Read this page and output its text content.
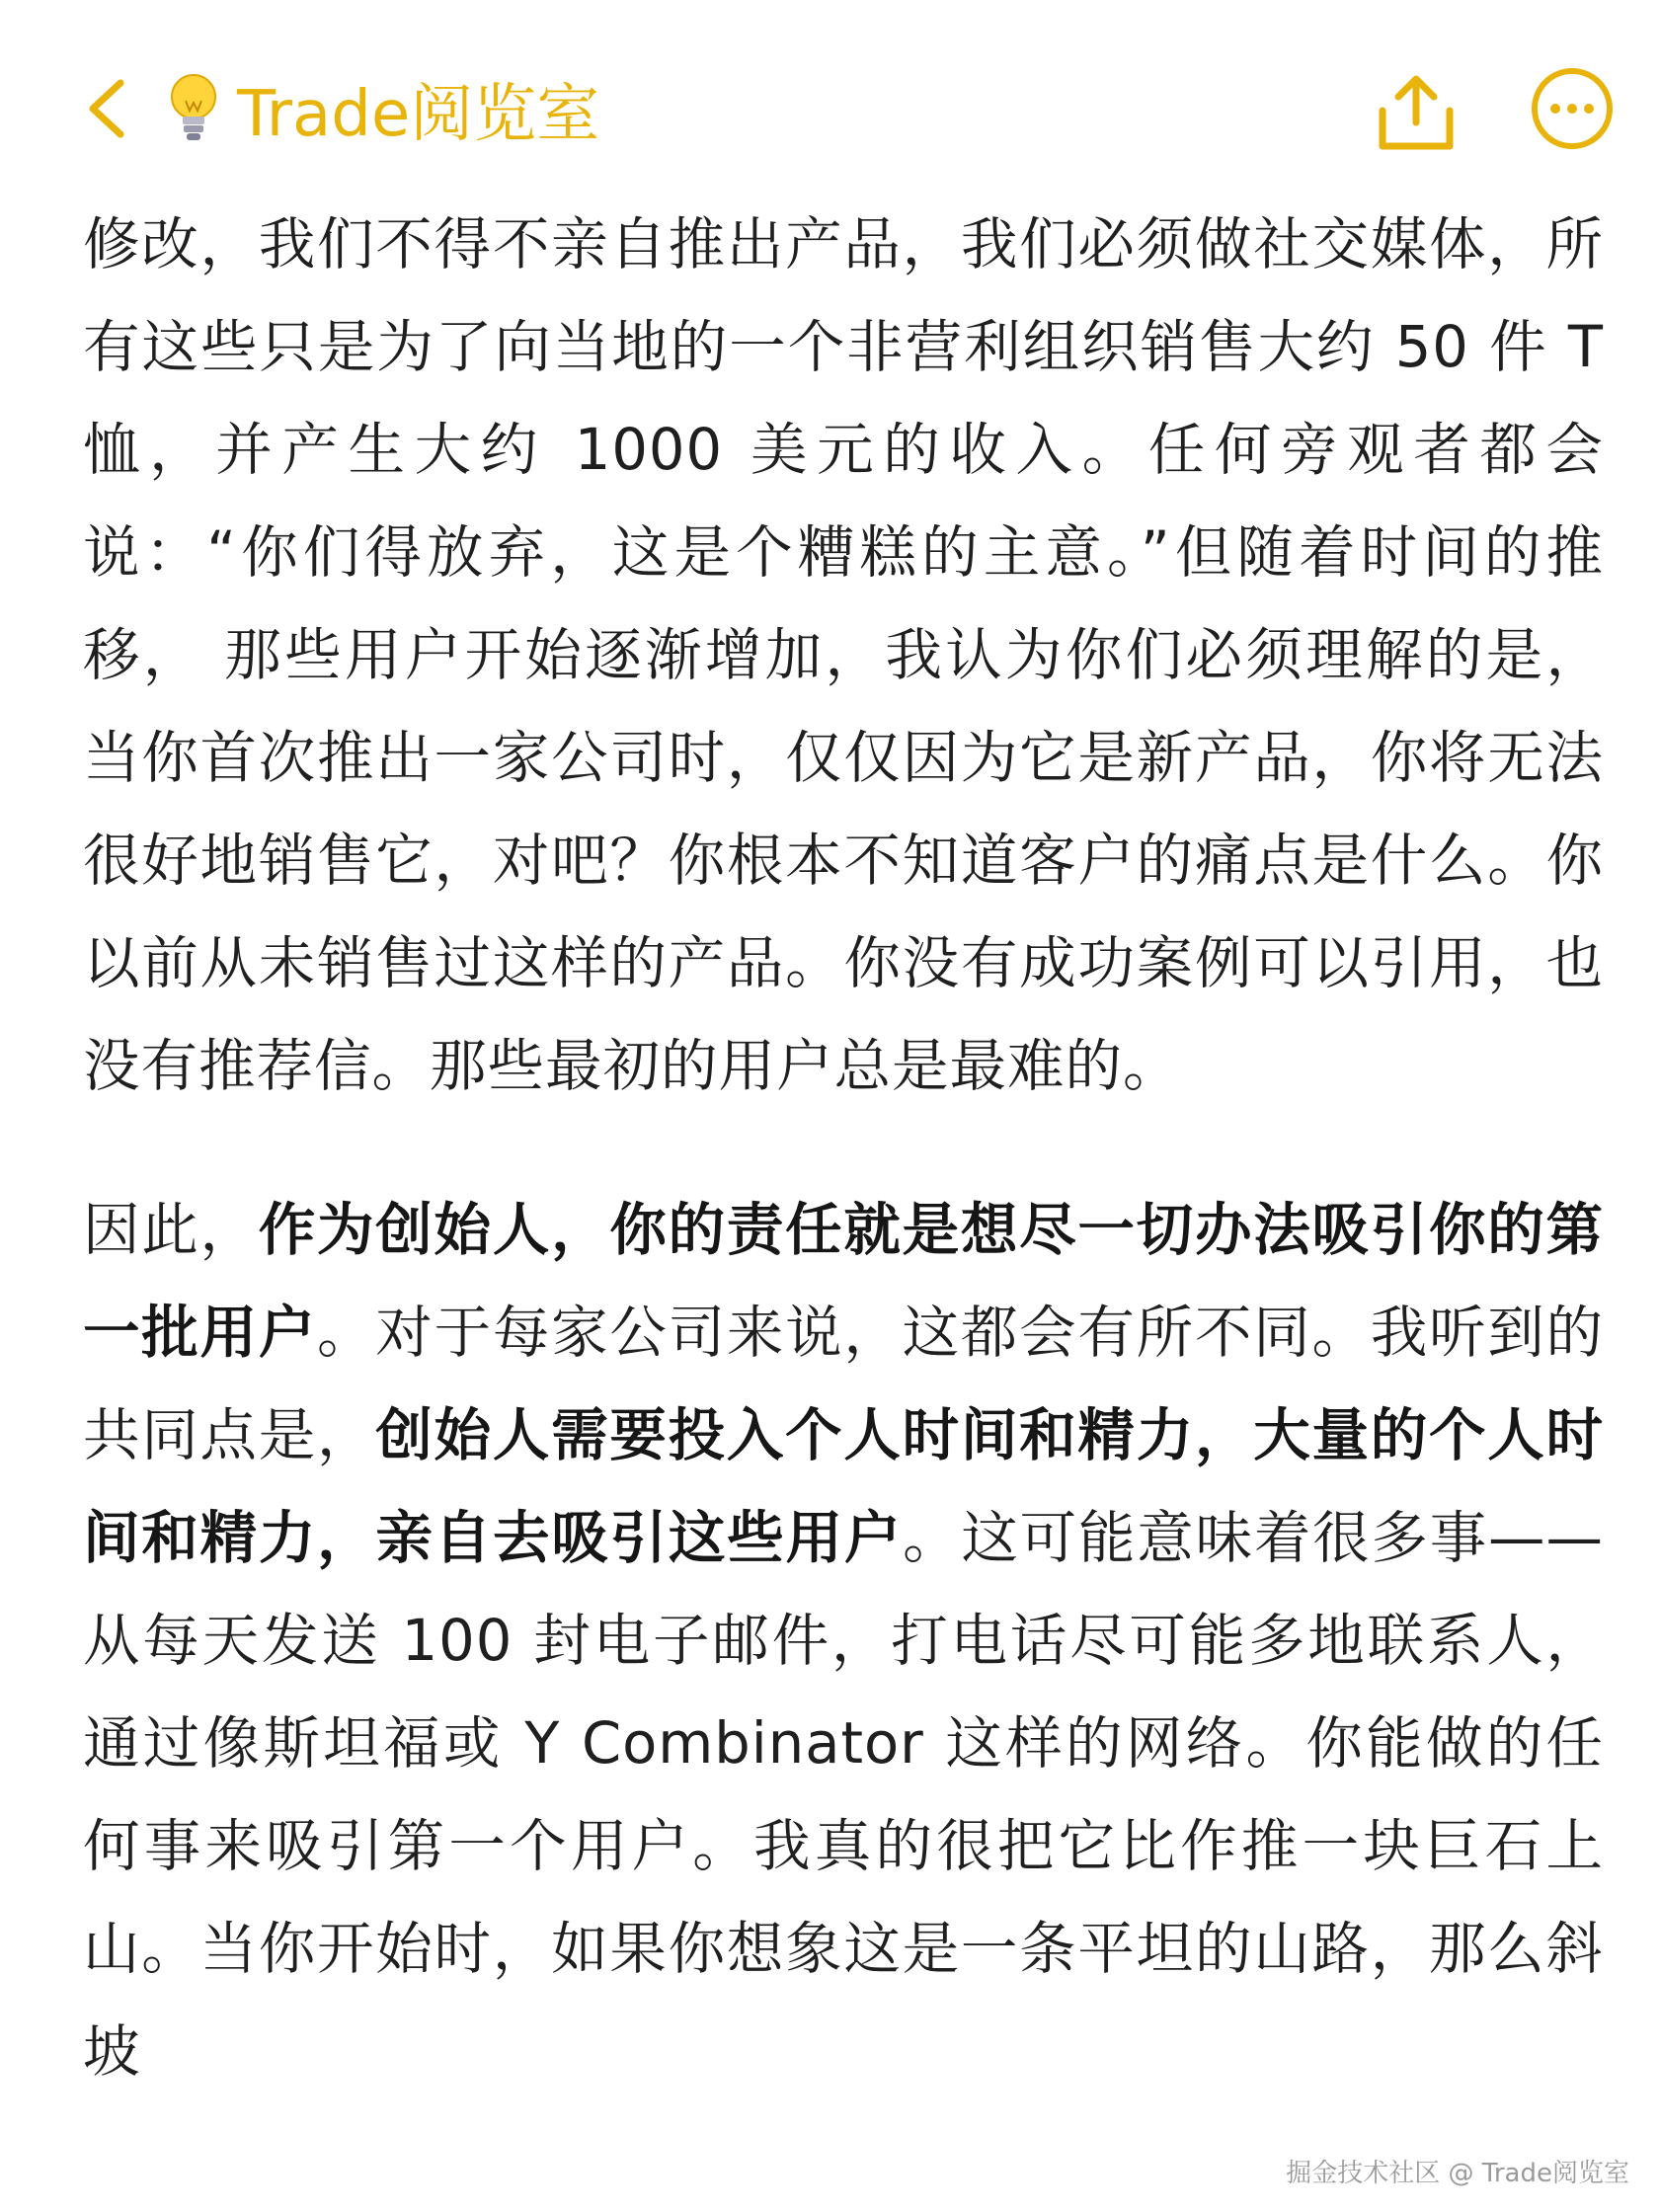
Trade阅览室

修改，我们不得不亲自推出产品，我们必须做社交媒体，所有这些只是为了向当地的一个非营利组织销售大约 50 件 T 恤，并产生大约 1000 美元的收入。任何旁观者都会说：“你们得放弃，这是个糟糕的主意。”但随着时间的推移， 那些用户开始逐渐增加，我认为你们必须理解的是，当你首次推出一家公司时，仅仅因为它是新产品，你将无法很好地销售它，对吧？你根本不知道客户的痛点是什么。你以前从未销售过这样的产品。你没有成功案例可以引用，也没有推荐信。那些最初的用户总是最难的。

因此，作为创始人，你的责任就是想尽一切办法吸引你的第一批用户。对于每家公司来说，这都会有所不同。我听到的共同点是，创始人需要投入个人时间和精力，大量的个人时间和精力，亲自去吸引这些用户。这可能意味着很多事——从每天发送 100 封电子邮件，打电话尽可能多地联系人，通过像斯坦福或 Y Combinator 这样的网络。你能做的任何事来吸引第一个用户。我真的很把它比作推一块巨石上山。当你开始时，如果你想象这是一条平坦的山路，那么斜坡

掘金技术社区 @ Trade阅览室
